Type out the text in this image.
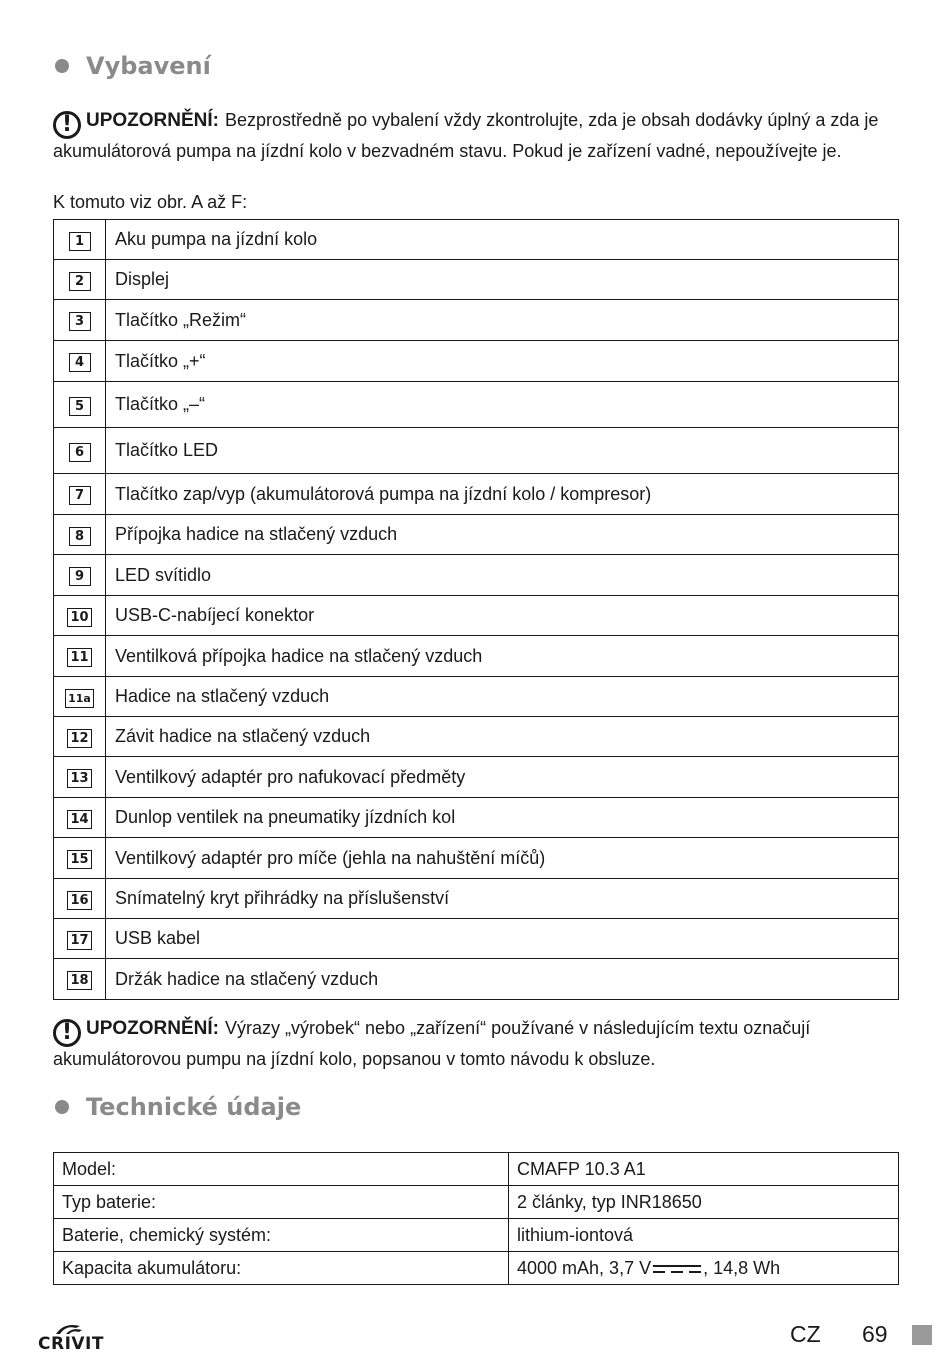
Vybavení
! UPOZORNĚNÍ: Bezprostředně po vybalení vždy zkontrolujte, zda je obsah dodávky úplný a zda je akumulátorová pumpa na jízdní kolo v bezvadném stavu. Pokud je zařízení vadné, nepoužívejte je.
K tomuto viz obr. A až F:
1	Aku pumpa na jízdní kolo
2	Displej
3	Tlačítko „Režim“
4	Tlačítko „+“
5	Tlačítko „–“
6	Tlačítko LED
7	Tlačítko zap/vyp (akumulátorová pumpa na jízdní kolo / kompresor)
8	Přípojka hadice na stlačený vzduch
9	LED svítidlo
10	USB-C-nabíjecí konektor
11	Ventilková přípojka hadice na stlačený vzduch
11a	Hadice na stlačený vzduch
12	Závit hadice na stlačený vzduch
13	Ventilkový adaptér pro nafukovací předměty
14	Dunlop ventilek na pneumatiky jízdních kol
15	Ventilkový adaptér pro míče (jehla na nahuštění míčů)
16	Snímatelný kryt přihrádky na příslušenství
17	USB kabel
18	Držák hadice na stlačený vzduch
! UPOZORNĚNÍ: Výrazy „výrobek“ nebo „zařízení“ používané v následujícím textu označují akumulátorovou pumpu na jízdní kolo, popsanou v tomto návodu k obsluze.
Technické údaje
Model:	CMAFP 10.3 A1
Typ baterie:	2 články, typ INR18650
Baterie, chemický systém:	lithium-iontová
Kapacita akumulátoru:	4000 mAh, 3,7 V , 14,8 Wh
CRIVIT	CZ 69
